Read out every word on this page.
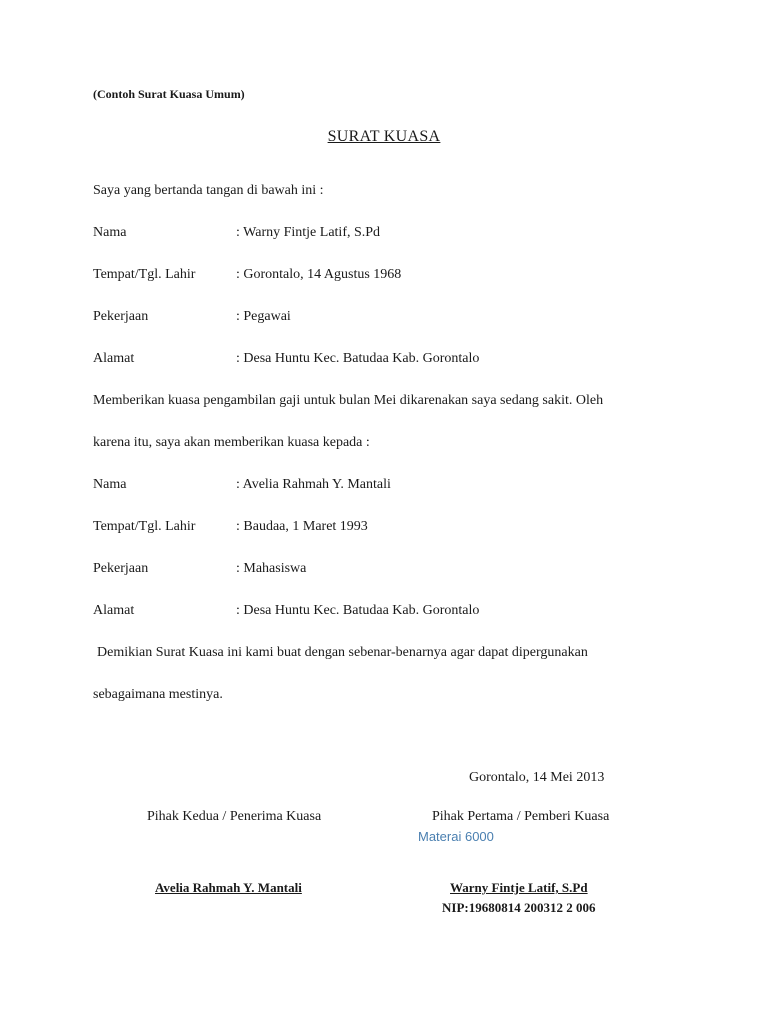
(Contoh Surat Kuasa Umum)
SURAT KUASA
Saya yang bertanda tangan di bawah ini :
Nama	: Warny Fintje Latif, S.Pd
Tempat/Tgl. Lahir	: Gorontalo, 14 Agustus 1968
Pekerjaan	: Pegawai
Alamat	: Desa Huntu Kec. Batudaa Kab. Gorontalo
Memberikan kuasa pengambilan gaji untuk bulan Mei dikarenakan saya sedang sakit. Oleh
karena itu, saya akan memberikan kuasa kepada :
Nama	: Avelia Rahmah Y. Mantali
Tempat/Tgl. Lahir	: Baudaa, 1 Maret 1993
Pekerjaan	: Mahasiswa
Alamat	: Desa Huntu Kec. Batudaa Kab. Gorontalo
Demikian Surat Kuasa ini kami buat dengan sebenar-benarnya agar dapat dipergunakan
sebagaimana mestinya.
Gorontalo, 14 Mei 2013
Pihak Kedua / Penerima Kuasa	Pihak Pertama / Pemberi Kuasa
Materai 6000
Avelia Rahmah Y. Mantali	Warny Fintje Latif, S.Pd
NIP:19680814 200312 2 006
